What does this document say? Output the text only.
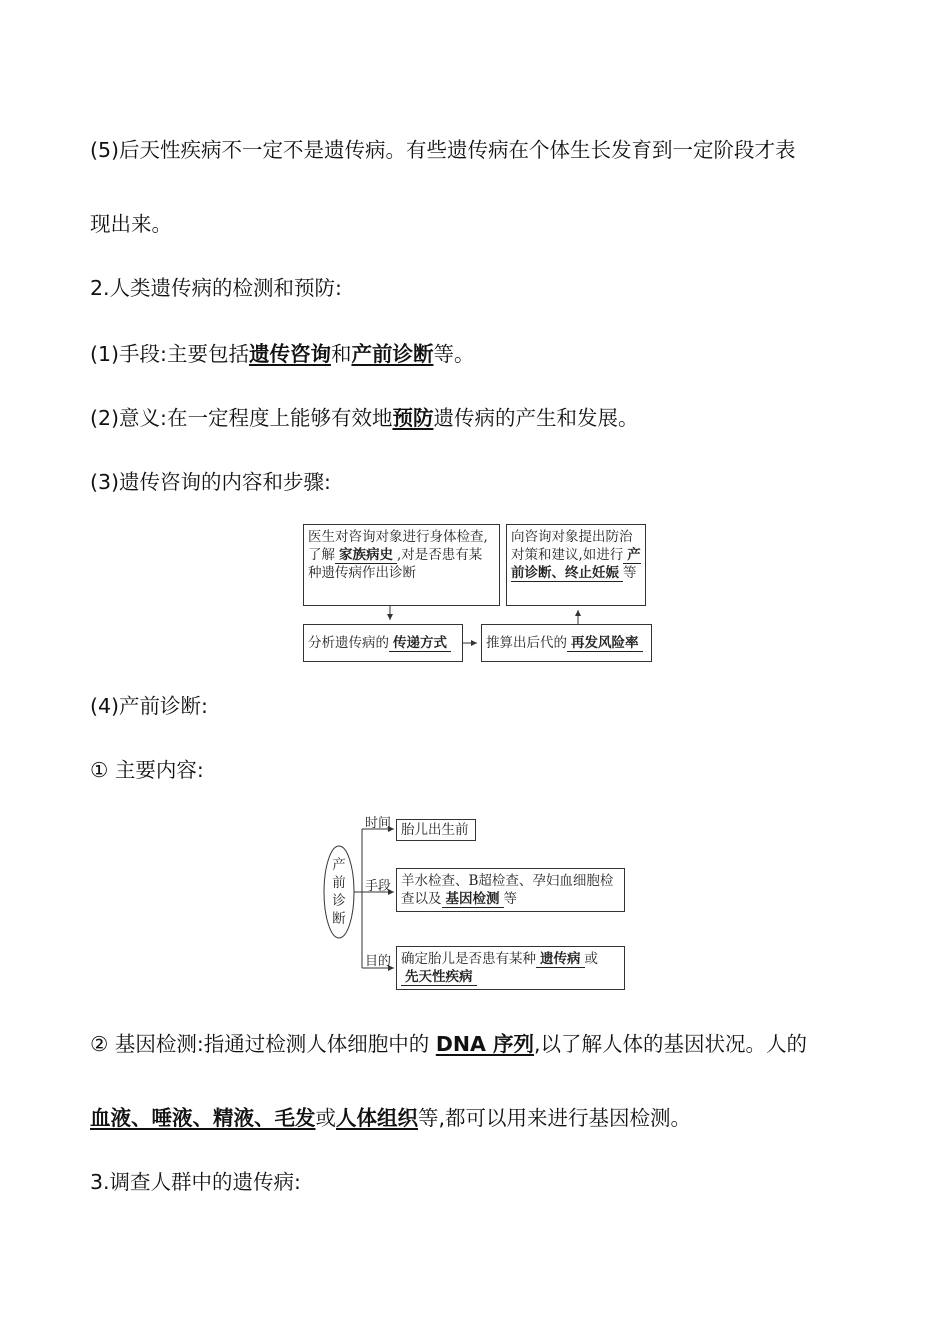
(5)后天性疾病不一定不是遗传病。有些遗传病在个体生长发育到一定阶段才表
现出来。
2.人类遗传病的检测和预防:
(1)手段:主要包括遗传咨询和产前诊断等。
(2)意义:在一定程度上能够有效地预防遗传病的产生和发展。
(3)遗传咨询的内容和步骤:
医生对咨询对象进行身体检查,了解 家族病史 ,对是否患有某种遗传病作出诊断
向咨询对象提出防治对策和建议,如进行 产前诊断、终止妊娠 等
分析遗传病的 传递方式	推算出后代的 再发风险率
(4)产前诊断:
① 主要内容:
产前诊断
时间
手段
目的
胎儿出生前
羊水检查、B超检查、孕妇血细胞检查以及 基因检测 等
确定胎儿是否患有某种 遗传病 或
先天性疾病
② 基因检测:指通过检测人体细胞中的 DNA 序列,以了解人体的基因状况。人的
血液、唾液、精液、毛发或人体组织等,都可以用来进行基因检测。
3.调查人群中的遗传病:
